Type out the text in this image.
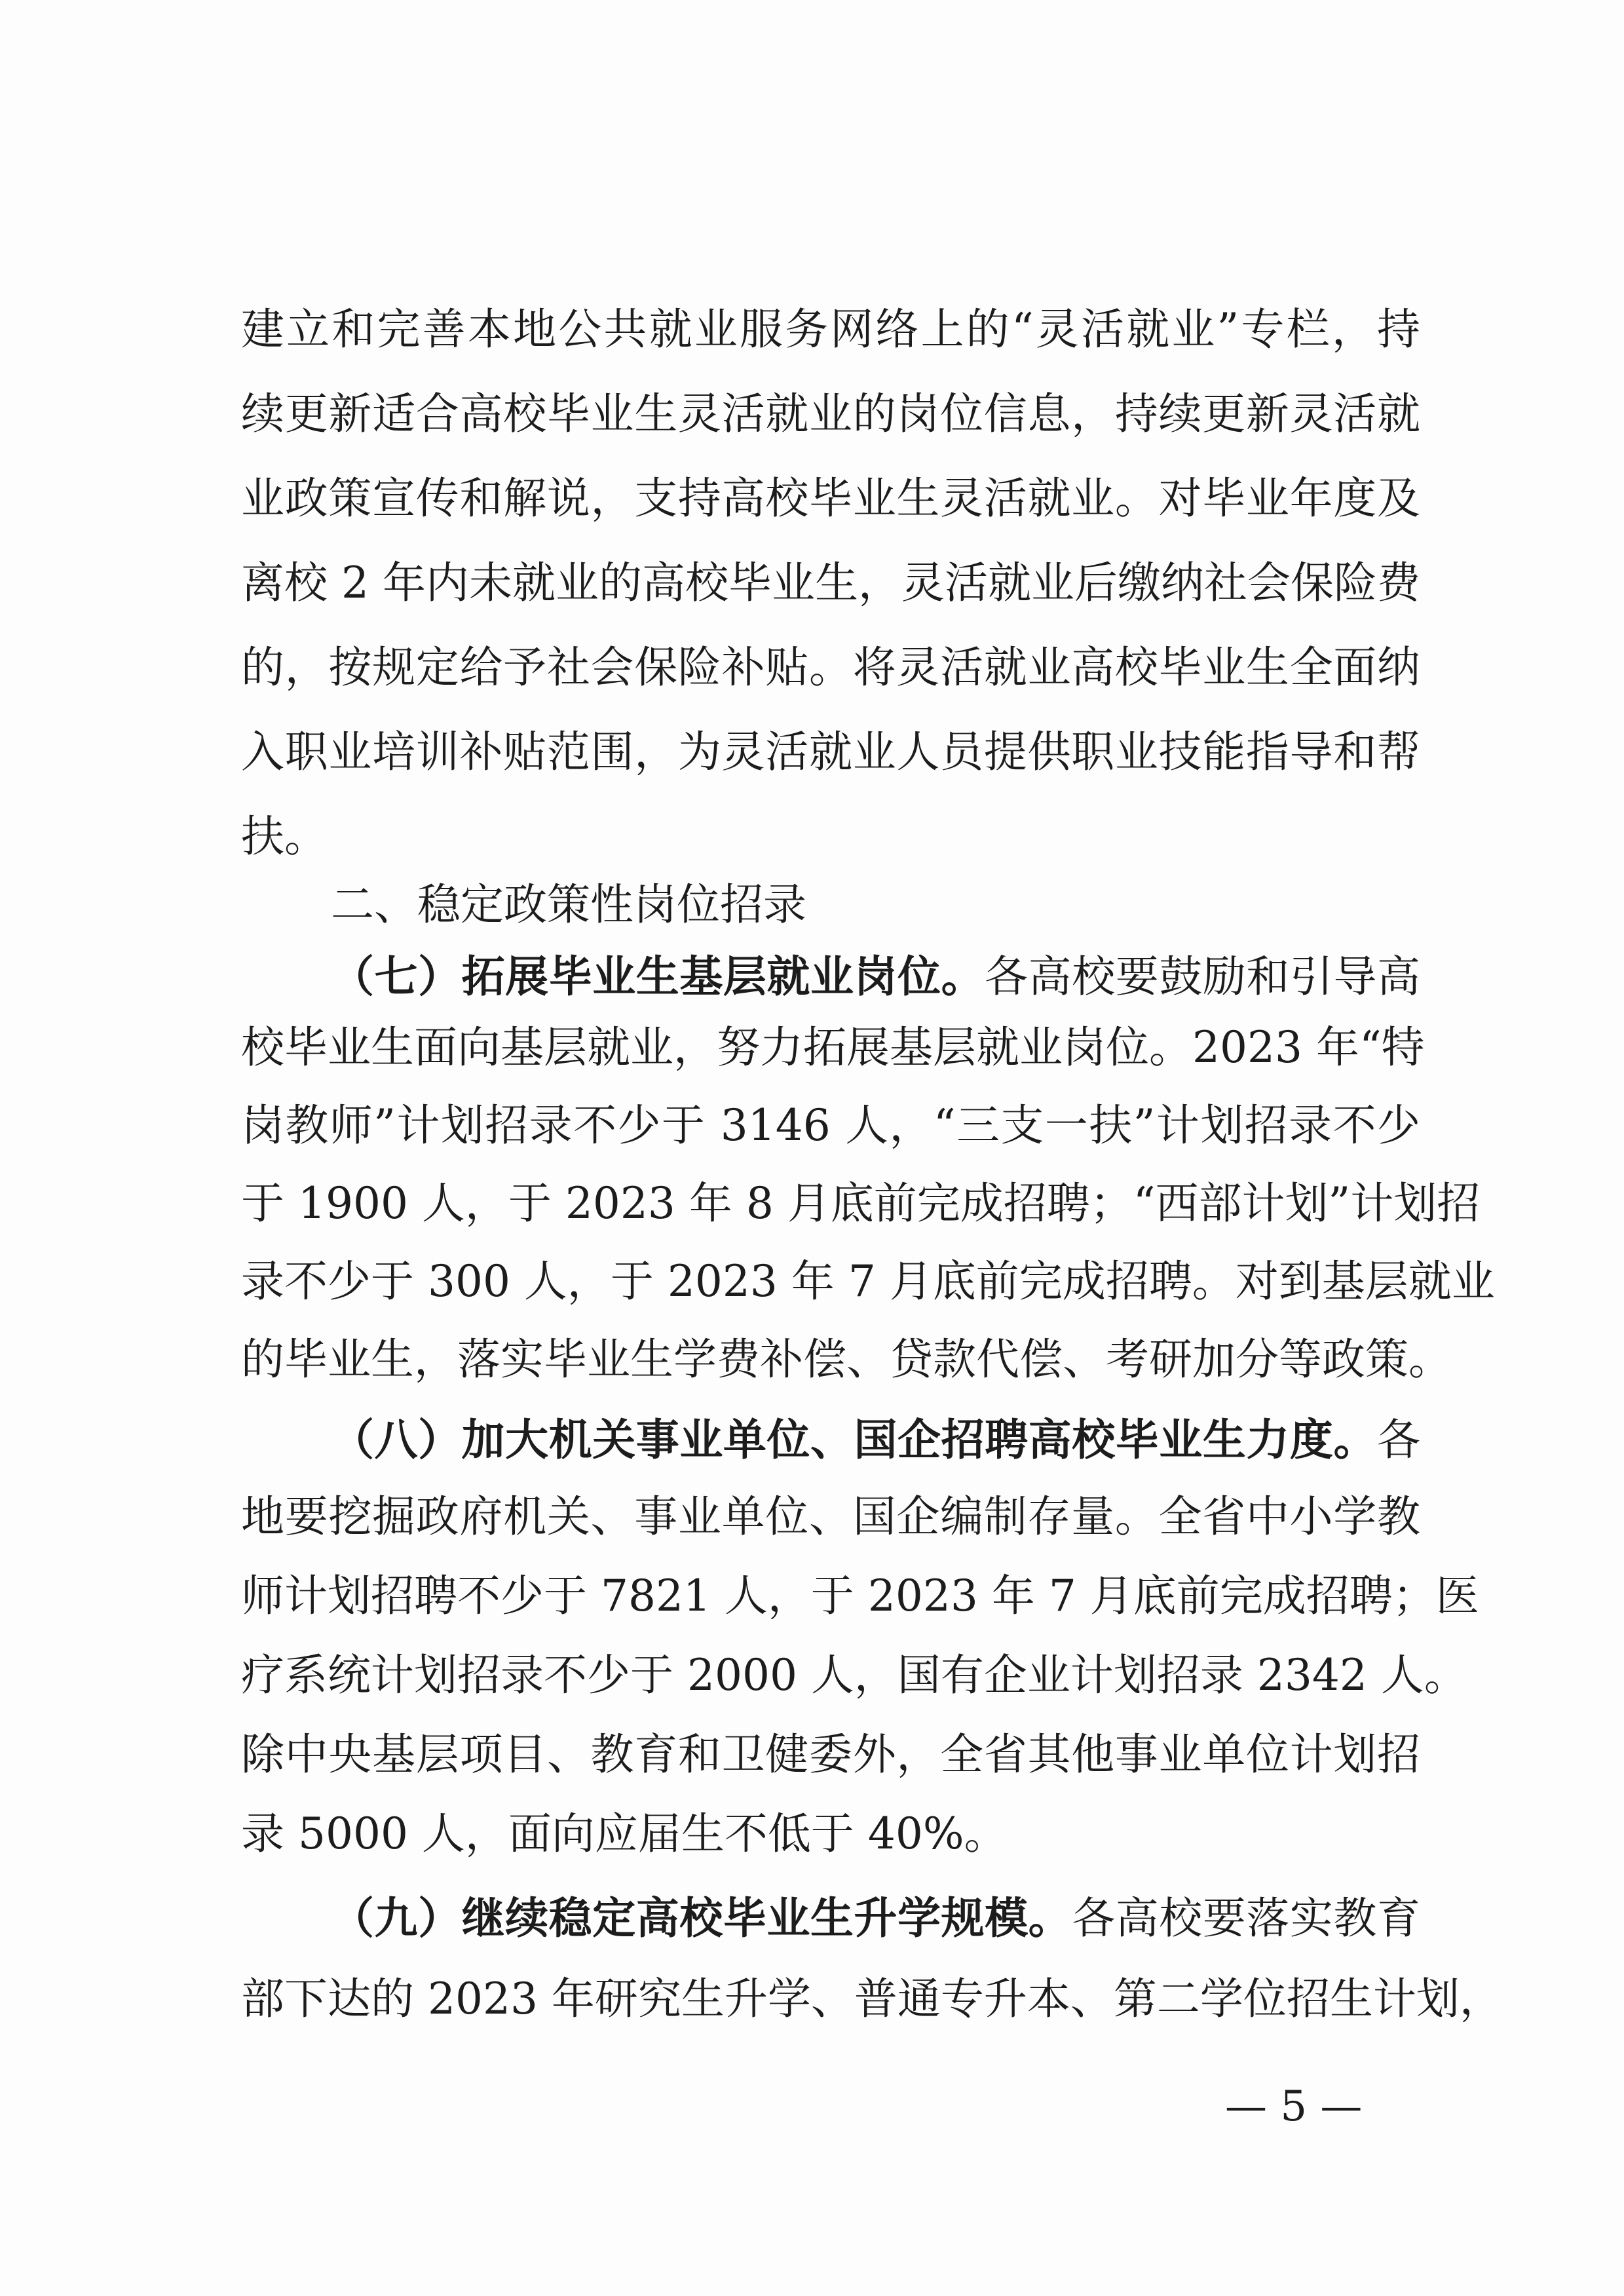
建立和完善本地公共就业服务网络上的“灵活就业”专栏，持
续更新适合高校毕业生灵活就业的岗位信息，持续更新灵活就
业政策宣传和解说，支持高校毕业生灵活就业。对毕业年度及
离校 2 年内未就业的高校毕业生，灵活就业后缴纳社会保险费
的，按规定给予社会保险补贴。将灵活就业高校毕业生全面纳
入职业培训补贴范围，为灵活就业人员提供职业技能指导和帮
扶。
二、稳定政策性岗位招录
（七）拓展毕业生基层就业岗位。各高校要鼓励和引导高
校毕业生面向基层就业，努力拓展基层就业岗位。2023 年“特
岗教师”计划招录不少于 3146 人，“三支一扶”计划招录不少
于 1900 人，于 2023 年 8 月底前完成招聘；“西部计划”计划招
录不少于 300 人，于 2023 年 7 月底前完成招聘。对到基层就业
的毕业生，落实毕业生学费补偿、贷款代偿、考研加分等政策。
（八）加大机关事业单位、国企招聘高校毕业生力度。各
地要挖掘政府机关、事业单位、国企编制存量。全省中小学教
师计划招聘不少于 7821 人，于 2023 年 7 月底前完成招聘；医
疗系统计划招录不少于 2000 人，国有企业计划招录 2342 人。
除中央基层项目、教育和卫健委外，全省其他事业单位计划招
录 5000 人，面向应届生不低于 40%。
（九）继续稳定高校毕业生升学规模。各高校要落实教育
部下达的 2023 年研究生升学、普通专升本、第二学位招生计划，
— 5 —
